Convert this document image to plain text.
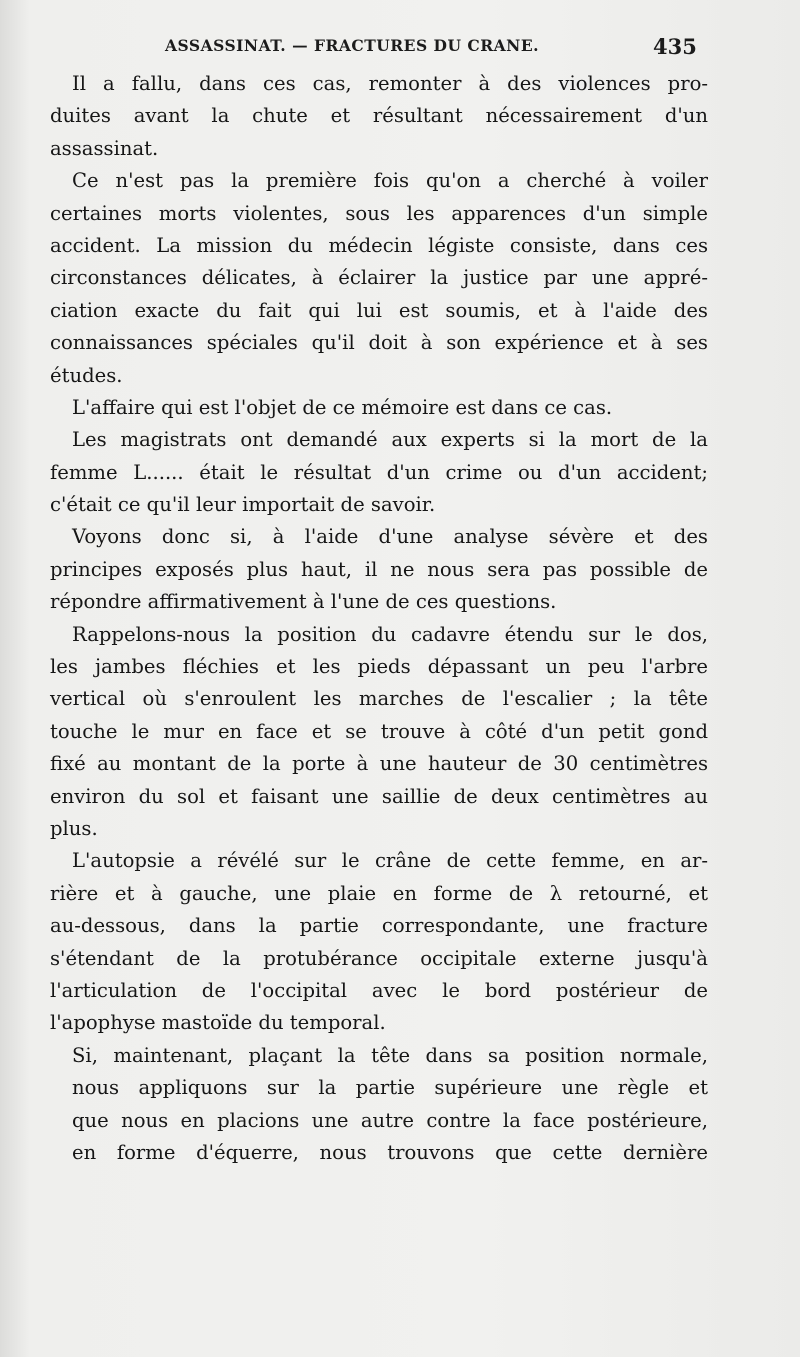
ASSASSINAT. — FRACTURES DU CRANE.	435
Il a fallu, dans ces cas, remonter à des violences pro-
duites avant la chute et résultant nécessairement d'un
assassinat.
Ce n'est pas la première fois qu'on a cherché à voiler
certaines morts violentes, sous les apparences d'un simple
accident. La mission du médecin légiste consiste, dans ces
circonstances délicates, à éclairer la justice par une appré-
ciation exacte du fait qui lui est soumis, et à l'aide des
connaissances spéciales qu'il doit à son expérience et à ses
études.
L'affaire qui est l'objet de ce mémoire est dans ce cas.
Les magistrats ont demandé aux experts si la mort de la
femme L...... était le résultat d'un crime ou d'un accident;
c'était ce qu'il leur importait de savoir.
Voyons donc si, à l'aide d'une analyse sévère et des
principes exposés plus haut, il ne nous sera pas possible de
répondre affirmativement à l'une de ces questions.
Rappelons-nous la position du cadavre étendu sur le dos,
les jambes fléchies et les pieds dépassant un peu l'arbre
vertical où s'enroulent les marches de l'escalier ; la tête
touche le mur en face et se trouve à côté d'un petit gond
fixé au montant de la porte à une hauteur de 30 centimètres
environ du sol et faisant une saillie de deux centimètres au
plus.
L'autopsie a révélé sur le crâne de cette femme, en ar-
rière et à gauche, une plaie en forme de λ retourné, et
au-dessous, dans la partie correspondante, une fracture
s'étendant de la protubérance occipitale externe jusqu'à
l'articulation de l'occipital avec le bord postérieur de
l'apophyse mastoïde du temporal.
Si, maintenant, plaçant la tête dans sa position normale,
nous appliquons sur la partie supérieure une règle et
que nous en placions une autre contre la face postérieure,
en forme d'équerre, nous trouvons que cette dernière
